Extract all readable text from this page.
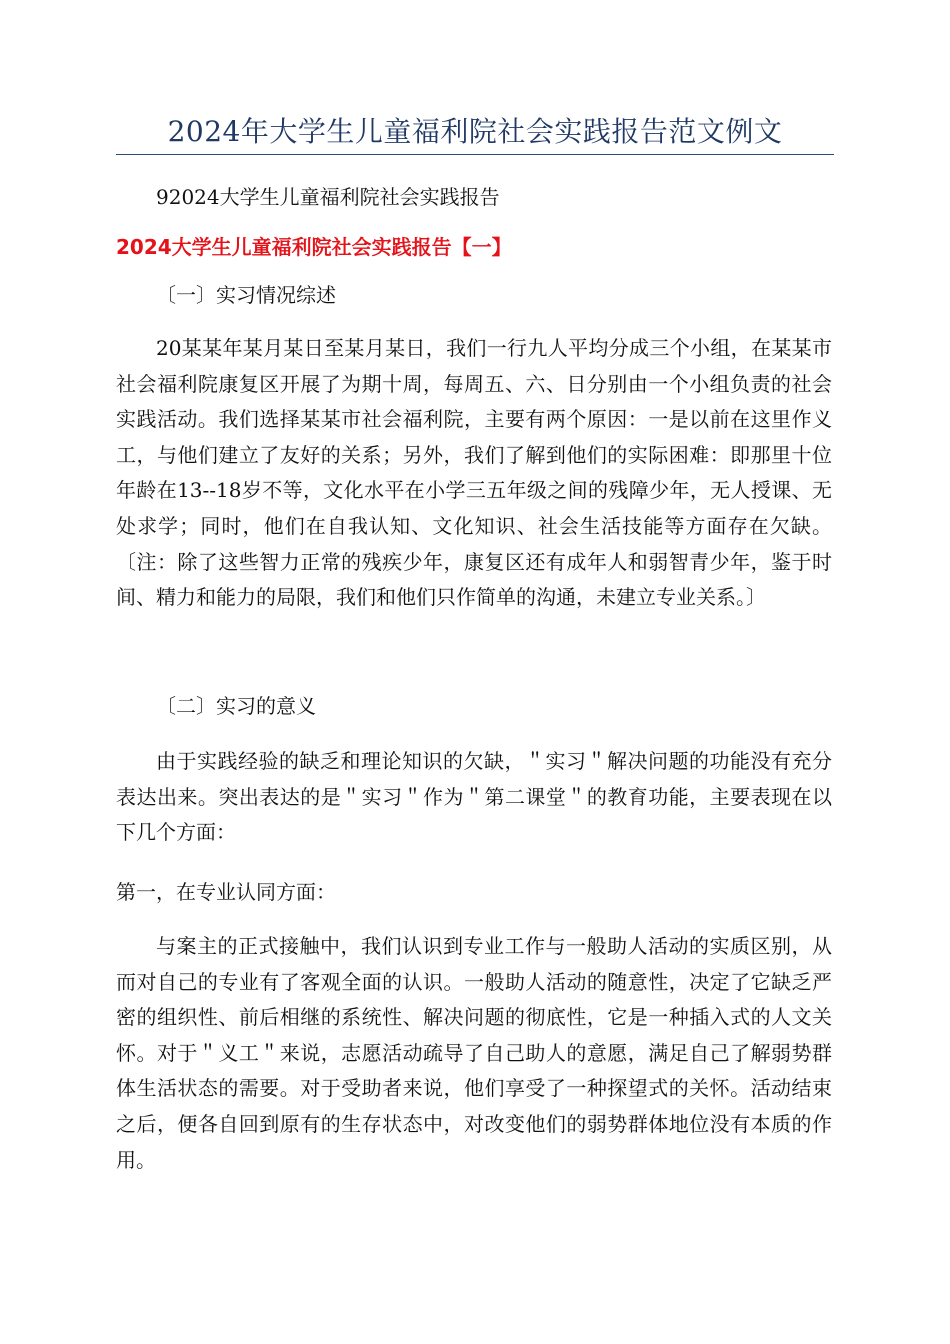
2024年大学生儿童福利院社会实践报告范文例文
92024大学生儿童福利院社会实践报告
2024大学生儿童福利院社会实践报告【一】
〔一〕实习情况综述
20某某年某月某日至某月某日，我们一行九人平均分成三个小组，在某某市社会福利院康复区开展了为期十周，每周五、六、日分别由一个小组负责的社会实践活动。我们选择某某市社会福利院，主要有两个原因：一是以前在这里作义工，与他们建立了友好的关系；另外，我们了解到他们的实际困难：即那里十位年龄在13--18岁不等，文化水平在小学三五年级之间的残障少年，无人授课、无处求学；同时，他们在自我认知、文化知识、社会生活技能等方面存在欠缺。〔注：除了这些智力正常的残疾少年，康复区还有成年人和弱智青少年，鉴于时间、精力和能力的局限，我们和他们只作简单的沟通，未建立专业关系。〕
〔二〕实习的意义
由于实践经验的缺乏和理论知识的欠缺，＂实习＂解决问题的功能没有充分表达出来。突出表达的是＂实习＂作为＂第二课堂＂的教育功能，主要表现在以下几个方面：
第一，在专业认同方面：
与案主的正式接触中，我们认识到专业工作与一般助人活动的实质区别，从而对自己的专业有了客观全面的认识。一般助人活动的随意性，决定了它缺乏严密的组织性、前后相继的系统性、解决问题的彻底性，它是一种插入式的人文关怀。对于＂义工＂来说，志愿活动疏导了自己助人的意愿，满足自己了解弱势群体生活状态的需要。对于受助者来说，他们享受了一种探望式的关怀。活动结束之后，便各自回到原有的生存状态中，对改变他们的弱势群体地位没有本质的作用。
